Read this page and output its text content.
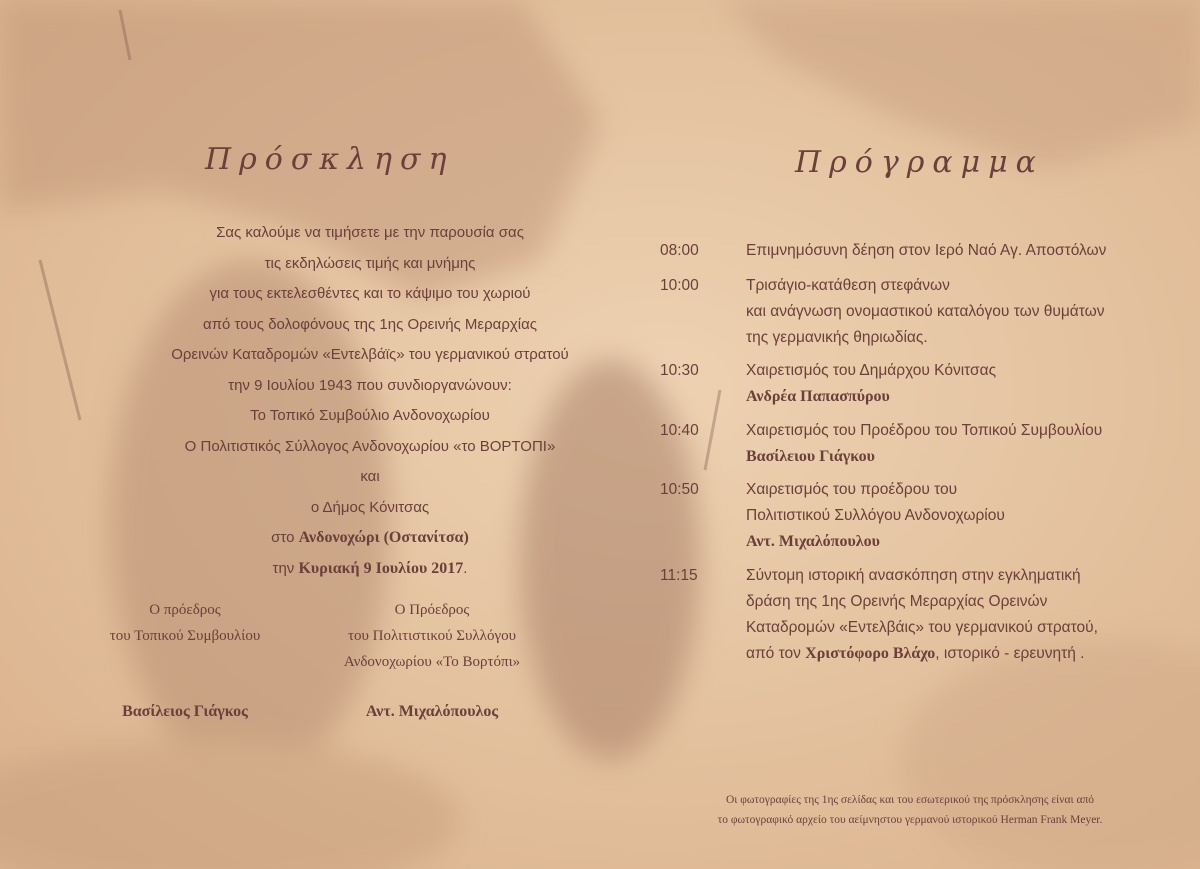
Πρόσκληση	Πρόγραμμα
Σας καλούμε να τιμήσετε με την παρουσία σας
τις εκδηλώσεις τιμής και μνήμης
για τους εκτελεσθέντες και το κάψιμο του χωριού
από τους δολοφόνους της 1ης Ορεινής Μεραρχίας
Ορεινών Καταδρομών «Εντελβάϊς» του γερμανικού στρατού
την 9 Ιουλίου 1943 που συνδιοργανώνουν:
Το Τοπικό Συμβούλιο Ανδονοχωρίου
Ο Πολιτιστικός Σύλλογος Ανδονοχωρίου «το ΒΟΡΤΟΠΙ»
και
ο Δήμος Κόνιτσας
στο Ανδονοχώρι (Οστανίτσα)
την Κυριακή 9 Ιουλίου 2017.
Ο πρόεδρος
του Τοπικού Συμβουλίου
Ο Πρόεδρος
του Πολιτιστικού Συλλόγου
Ανδονοχωρίου «Το Βορτόπι»
Βασίλειος Γιάγκος	Αντ. Μιχαλόπουλος
08:00	Επιμνημόσυνη δέηση στον Ιερό Ναό Αγ. Αποστόλων
10:00	Τρισάγιο-κατάθεση στεφάνων
και ανάγνωση ονομαστικού καταλόγου των θυμάτων
της γερμανικής θηριωδίας.
10:30	Χαιρετισμός του Δημάρχου Κόνιτσας
Ανδρέα Παπασπύρου
10:40	Χαιρετισμός του Προέδρου του Τοπικού Συμβουλίου
Βασίλειου Γιάγκου
10:50	Χαιρετισμός του προέδρου του
Πολιτιστικού Συλλόγου Ανδονοχωρίου
Αντ. Μιχαλόπουλου
11:15	Σύντομη ιστορική ανασκόπηση στην εγκληματική
δράση της 1ης Ορεινής Μεραρχίας Ορεινών
Καταδρομών «Εντελβάις» του γερμανικού στρατού,
από τον Χριστόφορο Βλάχο, ιστορικό - ερευνητή .
Οι φωτογραφίες της 1ης σελίδας και του εσωτερικού της πρόσκλησης είναι από
το φωτογραφικό αρχείο του αείμνηστου γερμανού ιστορικού Herman Frank Meyer.
